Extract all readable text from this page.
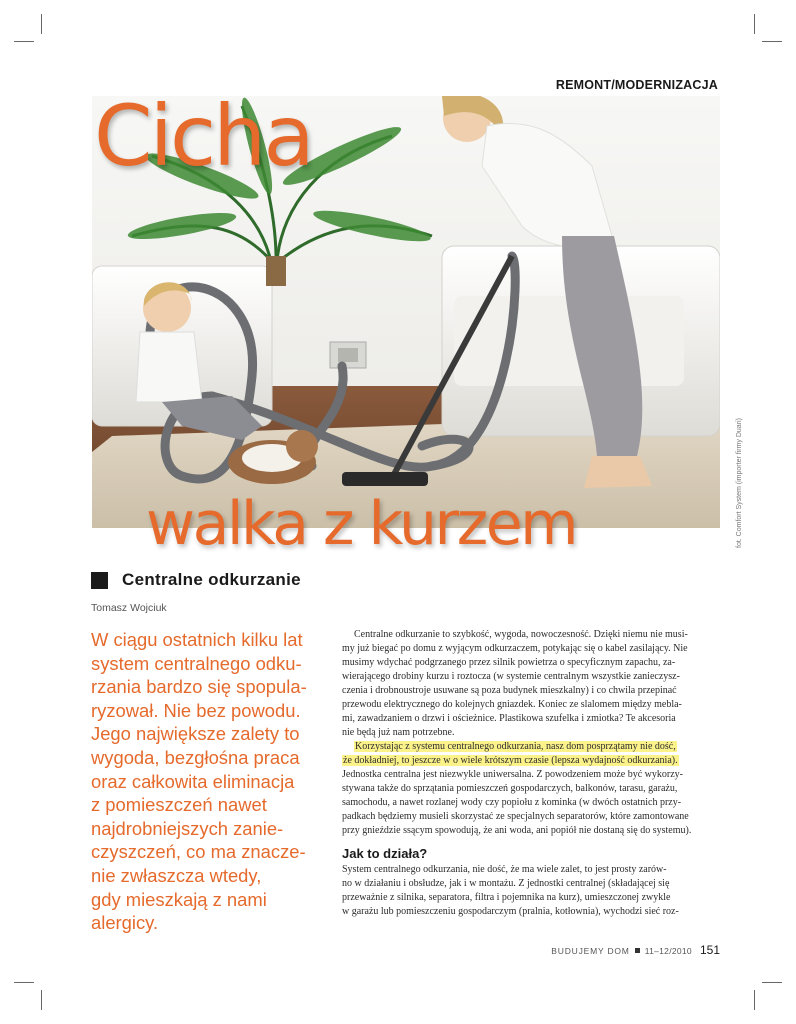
REMONT/MODERNIZACJA
Cicha
walka z kurzem	fot. Comfort System (importer firmy Duari)
Centralne odkurzanie
Tomasz Wojciuk
W ciągu ostatnich kilku lat
system centralnego odku-
rzania bardzo się spopula-
ryzował. Nie bez powodu.
Jego największe zalety to
wygoda, bezgłośna praca
oraz całkowita eliminacja
z pomieszczeń nawet
najdrobniejszych zanie-
czyszczeń, co ma znacze-
nie zwłaszcza wtedy,
gdy mieszkają z nami
alergicy.
Centralne odkurzanie to szybkość, wygoda, nowoczesność. Dzięki niemu nie musi-
my już biegać po domu z wyjącym odkurzaczem, potykając się o kabel zasilający. Nie
musimy wdychać podgrzanego przez silnik powietrza o specyficznym zapachu, za-
wierającego drobiny kurzu i roztocza (w systemie centralnym wszystkie zanieczysz-
czenia i drobnoustroje usuwane są poza budynek mieszkalny) i co chwila przepinać
przewodu elektrycznego do kolejnych gniazdek. Koniec ze slalomem między mebla-
mi, zawadzaniem o drzwi i ościeżnice. Plastikowa szufelka i zmiotka? Te akcesoria
nie będą już nam potrzebne.
Korzystając z systemu centralnego odkurzania, nasz dom posprzątamy nie dość,
że dokładniej, to jeszcze w o wiele krótszym czasie (lepsza wydajność odkurzania).
Jednostka centralna jest niezwykle uniwersalna. Z powodzeniem może być wykorzy-
stywana także do sprzątania pomieszczeń gospodarczych, balkonów, tarasu, garażu,
samochodu, a nawet rozlanej wody czy popiołu z kominka (w dwóch ostatnich przy-
padkach będziemy musieli skorzystać ze specjalnych separatorów, które zamontowane
przy gnieździe ssącym spowodują, że ani woda, ani popiół nie dostaną się do systemu).
Jak to działa?
System centralnego odkurzania, nie dość, że ma wiele zalet, to jest prosty zarów-
no w działaniu i obsłudze, jak i w montażu. Z jednostki centralnej (składającej się
przeważnie z silnika, separatora, filtra i pojemnika na kurz), umieszczonej zwykle
w garażu lub pomieszczeniu gospodarczym (pralnia, kotłownia), wychodzi sieć roz-
BUDUJEMY DOM 11–12/2010 151
